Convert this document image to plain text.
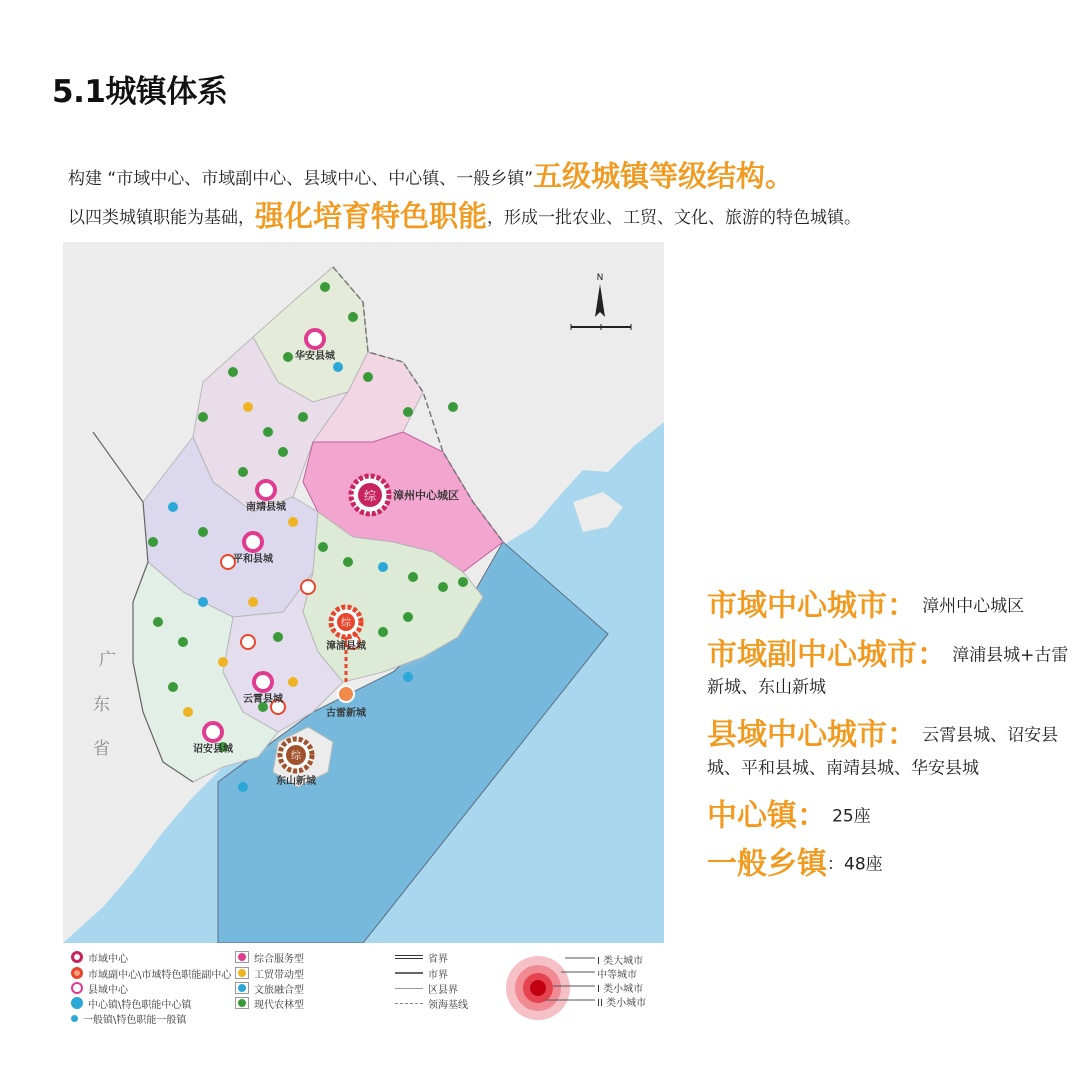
5.1城镇体系
构建 “市域中心、市域副中心、县域中心、中心镇、一般乡镇”五级城镇等级结构。
以四类城镇职能为基础，强化培育特色职能，形成一批农业、工贸、文化、旅游的特色城镇。
综
综
综
漳州中心城区
漳浦县城
古雷新城
东山新城
华安县城
南靖县城
平和县城
云霄县城
诏安县城
广
东
省
N
市域中心城市： 漳州中心城区
市域副中心城市： 漳浦县城+古雷新城、东山新城
县域中心城市： 云霄县城、诏安县城、平和县城、南靖县城、华安县城
中心镇： 25座
一般乡镇：48座
市域中心
市域副中心\市域特色职能副中心
县域中心
中心镇\特色职能中心镇
一般镇\特色职能一般镇
综合服务型
工贸带动型
文旅融合型
现代农林型
省界
市界
区县界
领海基线
I 类大城市
中等城市
I 类小城市
II 类小城市
